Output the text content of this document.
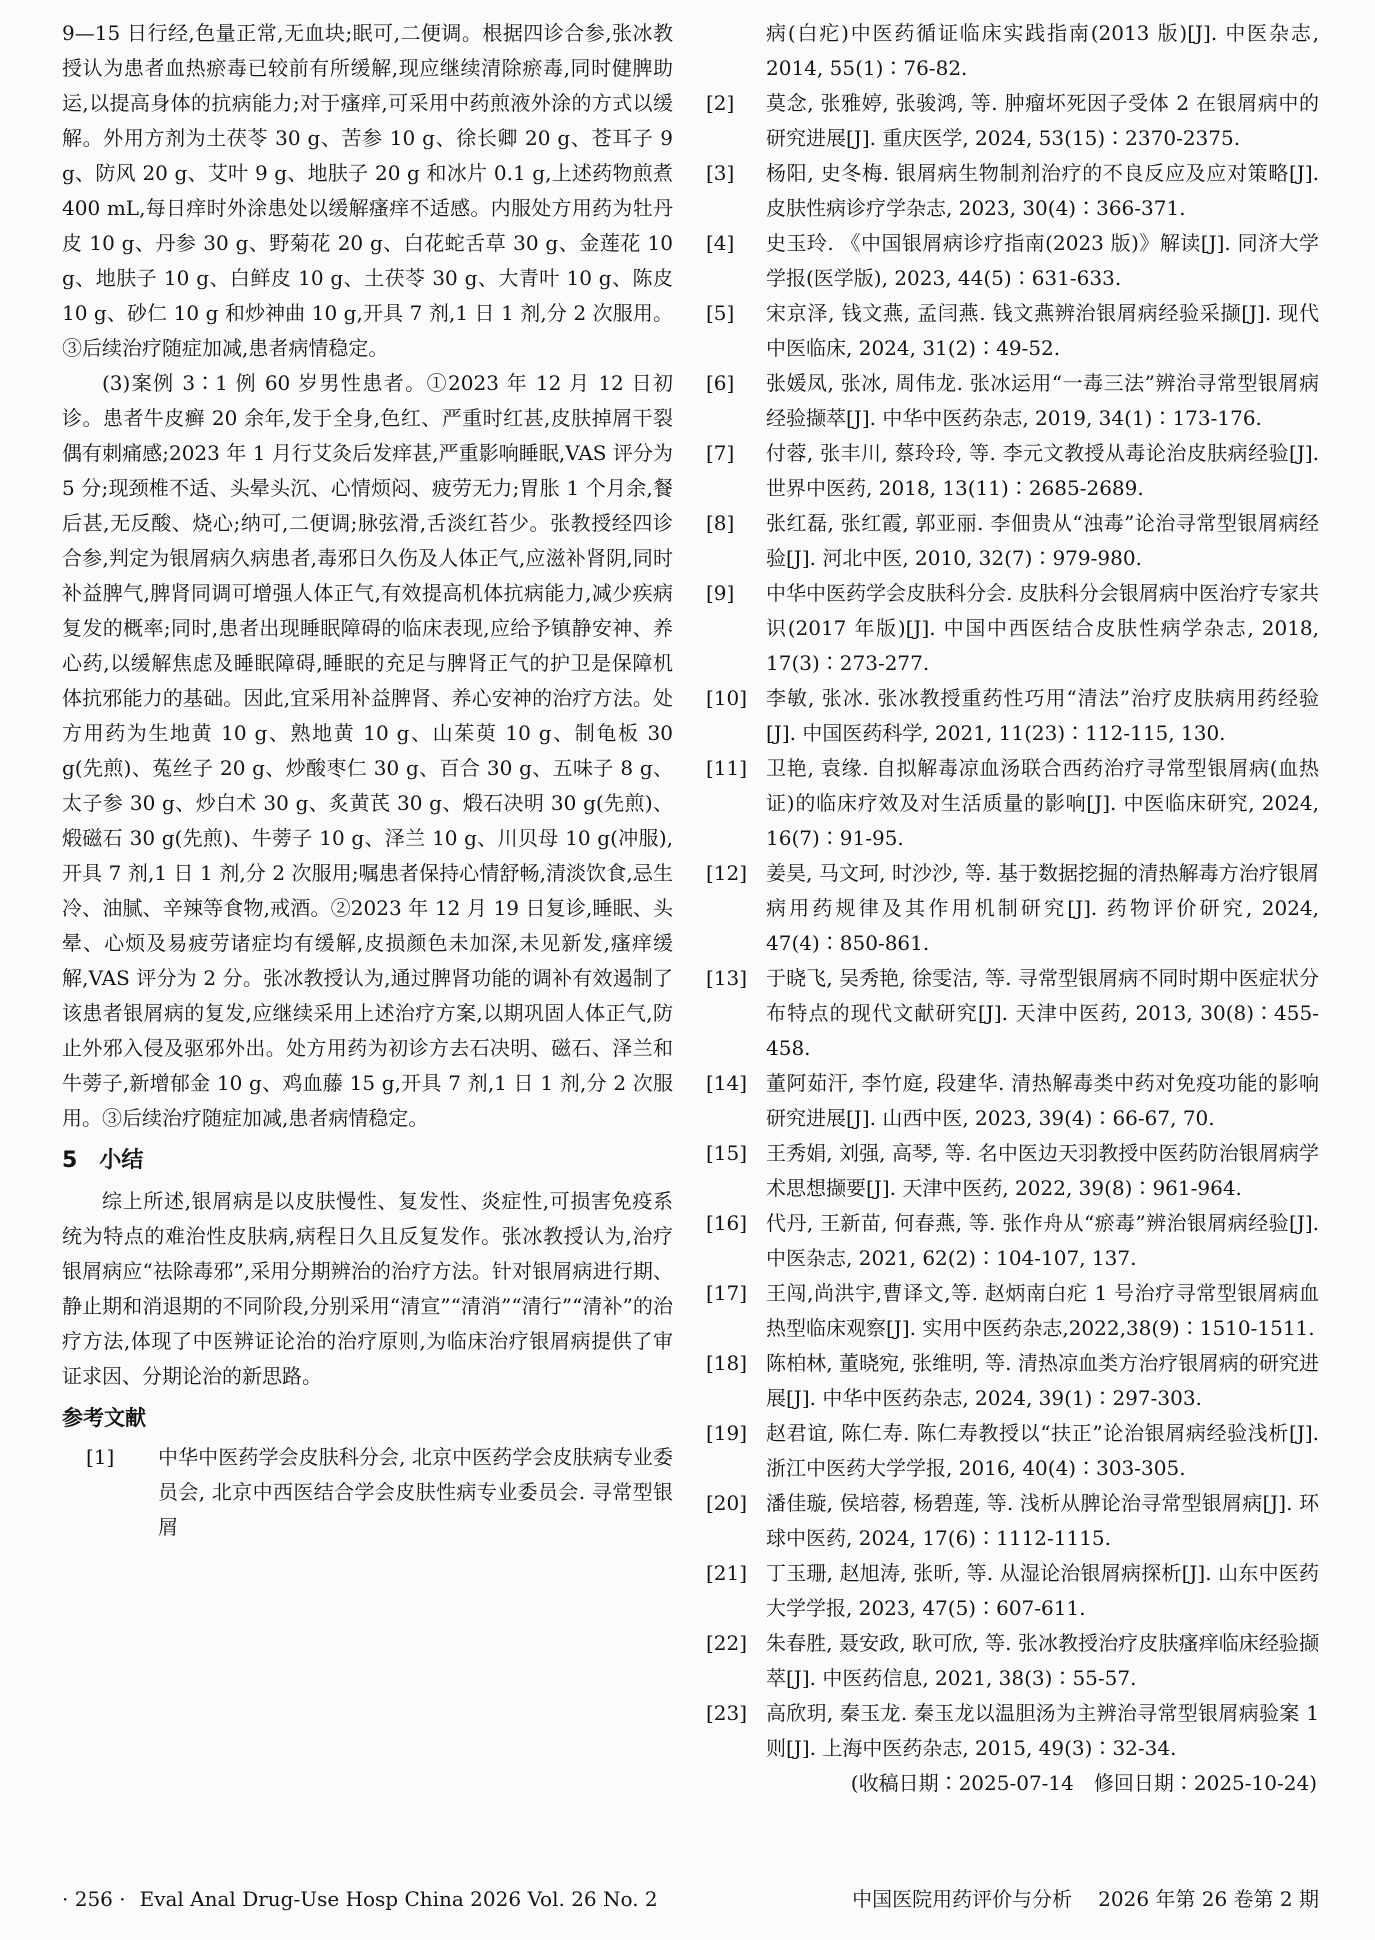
9—15 日行经,色量正常,无血块;眠可,二便调。根据四诊合参,张冰教授认为患者血热瘀毒已较前有所缓解,现应继续清除瘀毒,同时健脾助运,以提高身体的抗病能力;对于瘙痒,可采用中药煎液外涂的方式以缓解。外用方剂为土茯苓 30 g、苦参 10 g、徐长卿 20 g、苍耳子 9 g、防风 20 g、艾叶 9 g、地肤子 20 g 和冰片 0.1 g,上述药物煎煮 400 mL,每日痒时外涂患处以缓解瘙痒不适感。内服处方用药为牡丹皮 10 g、丹参 30 g、野菊花 20 g、白花蛇舌草 30 g、金莲花 10 g、地肤子 10 g、白鲜皮 10 g、土茯苓 30 g、大青叶 10 g、陈皮 10 g、砂仁 10 g 和炒神曲 10 g,开具 7 剂,1 日 1 剂,分 2 次服用。③后续治疗随症加减,患者病情稳定。

(3)案例 3∶1 例 60 岁男性患者。①2023 年 12 月 12 日初诊。患者牛皮癣 20 余年,发于全身,色红、严重时红甚,皮肤掉屑干裂偶有刺痛感;2023 年 1 月行艾灸后发痒甚,严重影响睡眠,VAS 评分为 5 分;现颈椎不适、头晕头沉、心情烦闷、疲劳无力;胃胀 1 个月余,餐后甚,无反酸、烧心;纳可,二便调;脉弦滑,舌淡红苔少。张教授经四诊合参,判定为银屑病久病患者,毒邪日久伤及人体正气,应滋补肾阴,同时补益脾气,脾肾同调可增强人体正气,有效提高机体抗病能力,减少疾病复发的概率;同时,患者出现睡眠障碍的临床表现,应给予镇静安神、养心药,以缓解焦虑及睡眠障碍,睡眠的充足与脾肾正气的护卫是保障机体抗邪能力的基础。因此,宜采用补益脾肾、养心安神的治疗方法。处方用药为生地黄 10 g、熟地黄 10 g、山茱萸 10 g、制龟板 30 g(先煎)、菟丝子 20 g、炒酸枣仁 30 g、百合 30 g、五味子 8 g、太子参 30 g、炒白术 30 g、炙黄芪 30 g、煅石决明 30 g(先煎)、煅磁石 30 g(先煎)、牛蒡子 10 g、泽兰 10 g、川贝母 10 g(冲服),开具 7 剂,1 日 1 剂,分 2 次服用;嘱患者保持心情舒畅,清淡饮食,忌生冷、油腻、辛辣等食物,戒酒。②2023 年 12 月 19 日复诊,睡眠、头晕、心烦及易疲劳诸症均有缓解,皮损颜色未加深,未见新发,瘙痒缓解,VAS 评分为 2 分。张冰教授认为,通过脾肾功能的调补有效遏制了该患者银屑病的复发,应继续采用上述治疗方案,以期巩固人体正气,防止外邪入侵及驱邪外出。处方用药为初诊方去石决明、磁石、泽兰和牛蒡子,新增郁金 10 g、鸡血藤 15 g,开具 7 剂,1 日 1 剂,分 2 次服用。③后续治疗随症加减,患者病情稳定。

5 小结

综上所述,银屑病是以皮肤慢性、复发性、炎症性,可损害免疫系统为特点的难治性皮肤病,病程日久且反复发作。张冰教授认为,治疗银屑病应“祛除毒邪”,采用分期辨治的治疗方法。针对银屑病进行期、静止期和消退期的不同阶段,分别采用“清宣”“清消”“清行”“清补”的治疗方法,体现了中医辨证论治的治疗原则,为临床治疗银屑病提供了审证求因、分期论治的新思路。

参考文献
[1] 中华中医药学会皮肤科分会, 北京中医药学会皮肤病专业委员会, 北京中西医结合学会皮肤性病专业委员会. 寻常型银屑
病(白疕)中医药循证临床实践指南(2013 版)[J]. 中医杂志, 2014, 55(1)∶76-82.
[2] 莫念, 张雅婷, 张骏鸿, 等. 肿瘤坏死因子受体 2 在银屑病中的研究进展[J]. 重庆医学, 2024, 53(15)∶2370-2375.
[3] 杨阳, 史冬梅. 银屑病生物制剂治疗的不良反应及应对策略[J]. 皮肤性病诊疗学杂志, 2023, 30(4)∶366-371.
[4] 史玉玲. 《中国银屑病诊疗指南(2023 版)》解读[J]. 同济大学学报(医学版), 2023, 44(5)∶631-633.
[5] 宋京泽, 钱文燕, 孟闫燕. 钱文燕辨治银屑病经验采撷[J]. 现代中医临床, 2024, 31(2)∶49-52.
[6] 张媛凤, 张冰, 周伟龙. 张冰运用“一毒三法”辨治寻常型银屑病经验撷萃[J]. 中华中医药杂志, 2019, 34(1)∶173-176.
[7] 付蓉, 张丰川, 蔡玲玲, 等. 李元文教授从毒论治皮肤病经验[J]. 世界中医药, 2018, 13(11)∶2685-2689.
[8] 张红磊, 张红霞, 郭亚丽. 李佃贵从“浊毒”论治寻常型银屑病经验[J]. 河北中医, 2010, 32(7)∶979-980.
[9] 中华中医药学会皮肤科分会. 皮肤科分会银屑病中医治疗专家共识(2017 年版)[J]. 中国中西医结合皮肤性病学杂志, 2018, 17(3)∶273-277.
[10] 李敏, 张冰. 张冰教授重药性巧用“清法”治疗皮肤病用药经验[J]. 中国医药科学, 2021, 11(23)∶112-115, 130.
[11] 卫艳, 袁缘. 自拟解毒凉血汤联合西药治疗寻常型银屑病(血热证)的临床疗效及对生活质量的影响[J]. 中医临床研究, 2024, 16(7)∶91-95.
[12] 姜昊, 马文珂, 时沙沙, 等. 基于数据挖掘的清热解毒方治疗银屑病用药规律及其作用机制研究[J]. 药物评价研究, 2024, 47(4)∶850-861.
[13] 于晓飞, 吴秀艳, 徐雯洁, 等. 寻常型银屑病不同时期中医症状分布特点的现代文献研究[J]. 天津中医药, 2013, 30(8)∶455-458.
[14] 董阿茹汗, 李竹庭, 段建华. 清热解毒类中药对免疫功能的影响研究进展[J]. 山西中医, 2023, 39(4)∶66-67, 70.
[15] 王秀娟, 刘强, 高琴, 等. 名中医边天羽教授中医药防治银屑病学术思想撷要[J]. 天津中医药, 2022, 39(8)∶961-964.
[16] 代丹, 王新苗, 何春燕, 等. 张作舟从“瘀毒”辨治银屑病经验[J]. 中医杂志, 2021, 62(2)∶104-107, 137.
[17] 王闯,尚洪宇,曹译文,等. 赵炳南白疕 1 号治疗寻常型银屑病血热型临床观察[J]. 实用中医药杂志,2022,38(9)∶1510-1511.
[18] 陈柏林, 董晓宛, 张维明, 等. 清热凉血类方治疗银屑病的研究进展[J]. 中华中医药杂志, 2024, 39(1)∶297-303.
[19] 赵君谊, 陈仁寿. 陈仁寿教授以“扶正”论治银屑病经验浅析[J]. 浙江中医药大学学报, 2016, 40(4)∶303-305.
[20] 潘佳璇, 侯培蓉, 杨碧莲, 等. 浅析从脾论治寻常型银屑病[J]. 环球中医药, 2024, 17(6)∶1112-1115.
[21] 丁玉珊, 赵旭涛, 张昕, 等. 从湿论治银屑病探析[J]. 山东中医药大学学报, 2023, 47(5)∶607-611.
[22] 朱春胜, 聂安政, 耿可欣, 等. 张冰教授治疗皮肤瘙痒临床经验撷萃[J]. 中医药信息, 2021, 38(3)∶55-57.
[23] 高欣玥, 秦玉龙. 秦玉龙以温胆汤为主辨治寻常型银屑病验案 1 则[J]. 上海中医药杂志, 2015, 49(3)∶32-34.
(收稿日期∶2025-07-14　修回日期∶2025-10-24)
· 256 · Eval Anal Drug-Use Hosp China 2026 Vol. 26 No. 2	中国医院用药评价与分析 2026 年第 26 卷第 2 期
